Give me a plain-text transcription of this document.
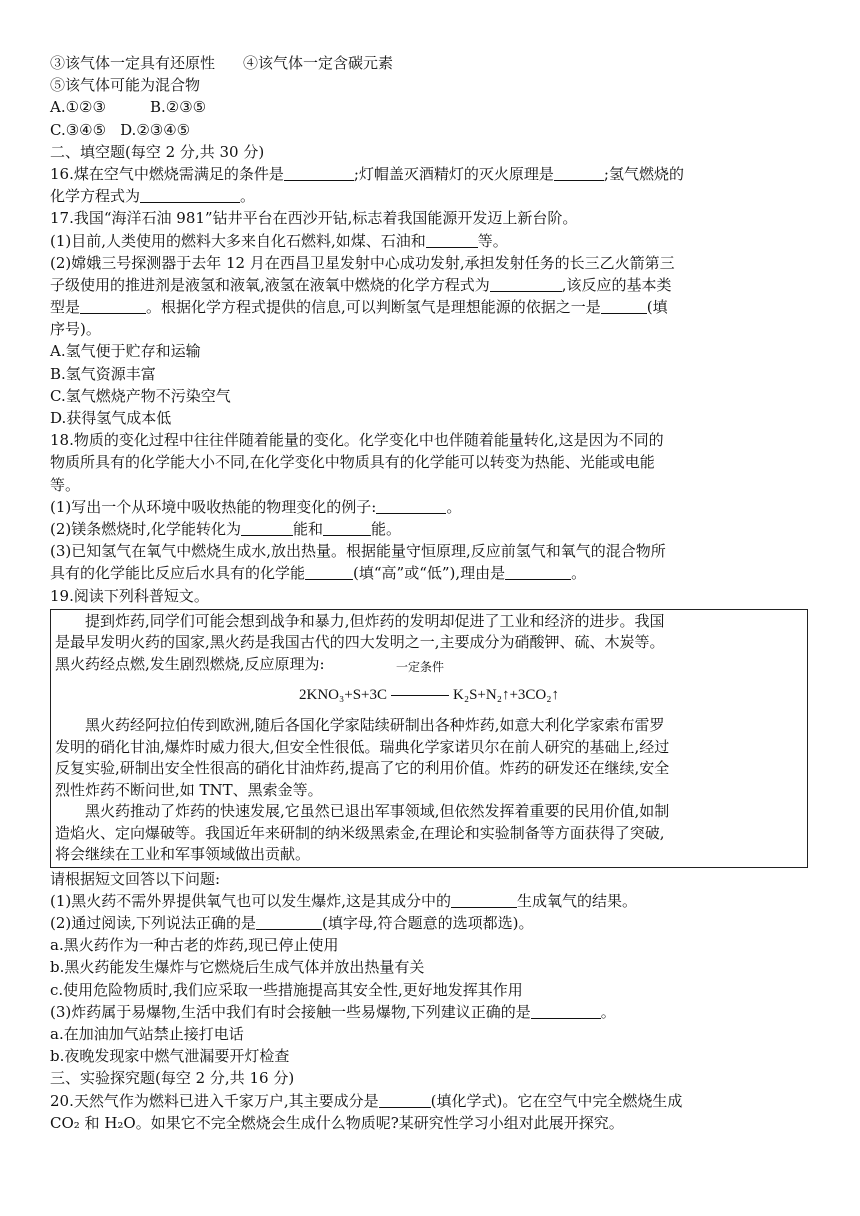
③该气体一定具有还原性 ④该气体一定含碳元素
⑤该气体可能为混合物
A.①②③	B.②③⑤
C.③④⑤ D.②③④⑤
二、填空题(每空 2 分,共 30 分)
16.煤在空气中燃烧需满足的条件是	;灯帽盖灭酒精灯的灭火原理是	;氢气燃烧的
化学方程式为	。
17.我国“海洋石油 981”钻井平台在西沙开钻,标志着我国能源开发迈上新台阶。
(1)目前,人类使用的燃料大多来自化石燃料,如煤、石油和	等。
(2)嫦娥三号探测器于去年 12 月在西昌卫星发射中心成功发射,承担发射任务的长三乙火箭第三
子级使用的推进剂是液氢和液氧,液氢在液氧中燃烧的化学方程式为	,该反应的基本类
型是	。根据化学方程式提供的信息,可以判断氢气是理想能源的依据之一是	(填
序号)。
A.氢气便于贮存和运输
B.氢气资源丰富
C.氢气燃烧产物不污染空气
D.获得氢气成本低
18.物质的变化过程中往往伴随着能量的变化。化学变化中也伴随着能量转化,这是因为不同的
物质所具有的化学能大小不同,在化学变化中物质具有的化学能可以转变为热能、光能或电能
等。
(1)写出一个从环境中吸收热能的物理变化的例子:	。
(2)镁条燃烧时,化学能转化为	能和	能。
(3)已知氢气在氧气中燃烧生成水,放出热量。根据能量守恒原理,反应前氢气和氧气的混合物所
具有的化学能比反应后水具有的化学能	(填“高”或“低”),理由是	。
19.阅读下列科普短文。
提到炸药,同学们可能会想到战争和暴力,但炸药的发明却促进了工业和经济的进步。我国
是最早发明火药的国家,黑火药是我国古代的四大发明之一,主要成分为硝酸钾、硫、木炭等。
黑火药经点燃,发生剧烈燃烧,反应原理为:
2KNO₃+S+3C
一定条件
K₂S+N₂↑+3CO₂↑
黑火药经阿拉伯传到欧洲,随后各国化学家陆续研制出各种炸药,如意大利化学家索布雷罗
发明的硝化甘油,爆炸时威力很大,但安全性很低。瑞典化学家诺贝尔在前人研究的基础上,经过
反复实验,研制出安全性很高的硝化甘油炸药,提高了它的利用价值。炸药的研发还在继续,安全
烈性炸药不断问世,如 TNT、黑索金等。
黑火药推动了炸药的快速发展,它虽然已退出军事领域,但依然发挥着重要的民用价值,如制
造焰火、定向爆破等。我国近年来研制的纳米级黑索金,在理论和实验制备等方面获得了突破,
将会继续在工业和军事领域做出贡献。
请根据短文回答以下问题:
(1)黑火药不需外界提供氧气也可以发生爆炸,这是其成分中的	生成氧气的结果。
(2)通过阅读,下列说法正确的是	(填字母,符合题意的选项都选)。
a.黑火药作为一种古老的炸药,现已停止使用
b.黑火药能发生爆炸与它燃烧后生成气体并放出热量有关
c.使用危险物质时,我们应采取一些措施提高其安全性,更好地发挥其作用
(3)炸药属于易爆物,生活中我们有时会接触一些易爆物,下列建议正确的是	。
a.在加油加气站禁止接打电话
b.夜晚发现家中燃气泄漏要开灯检查
三、实验探究题(每空 2 分,共 16 分)
20.天然气作为燃料已进入千家万户,其主要成分是	(填化学式)。它在空气中完全燃烧生成
CO₂ 和 H₂O。如果它不完全燃烧会生成什么物质呢?某研究性学习小组对此展开探究。
